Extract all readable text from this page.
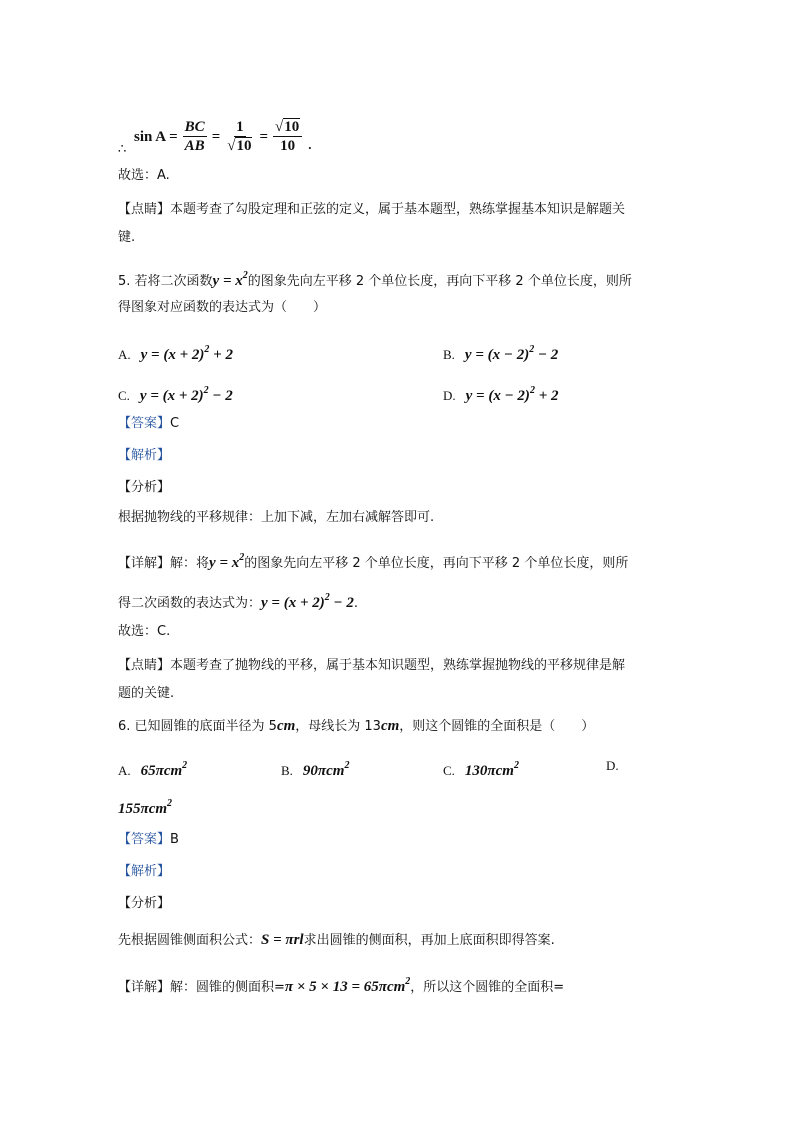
∴
$\sin A = \frac{BC}{AB} = \frac{1}{√10} = \frac{√10}{10}$ .
故选：A.
【点睛】本题考查了勾股定理和正弦的定义，属于基本题型，熟练掌握基本知识是解题关
键.
5. 若将二次函数$y = x^2$的图象先向左平移 2 个单位长度，再向下平移 2 个单位长度，则所
得图象对应函数的表达式为（　　）
A. $y = (x + 2)^2 + 2$	B. $y = (x - 2)^2 - 2$
C. $y = (x + 2)^2 - 2$	D. $y = (x - 2)^2 + 2$
【答案】C
【解析】
【分析】
根据抛物线的平移规律：上加下减，左加右减解答即可.
【详解】解：将$y = x^2$的图象先向左平移 2 个单位长度，再向下平移 2 个单位长度，则所
得二次函数的表达式为：$y = (x + 2)^2 - 2$.
故选：C.
【点睛】本题考查了抛物线的平移，属于基本知识题型，熟练掌握抛物线的平移规律是解
题的关键.
6. 已知圆锥的底面半径为 5cm，母线长为 13cm，则这个圆锥的全面积是（　　）
A. 65πcm$^2$	B. 90πcm$^2$	C. 130πcm$^2$	D.
155πcm$^2$
【答案】B
【解析】
【分析】
先根据圆锥侧面积公式：S = πrl求出圆锥的侧面积，再加上底面积即得答案.
【详解】解：圆锥的侧面积=π × 5 × 13 = 65πcm$^2$，所以这个圆锥的全面积=
